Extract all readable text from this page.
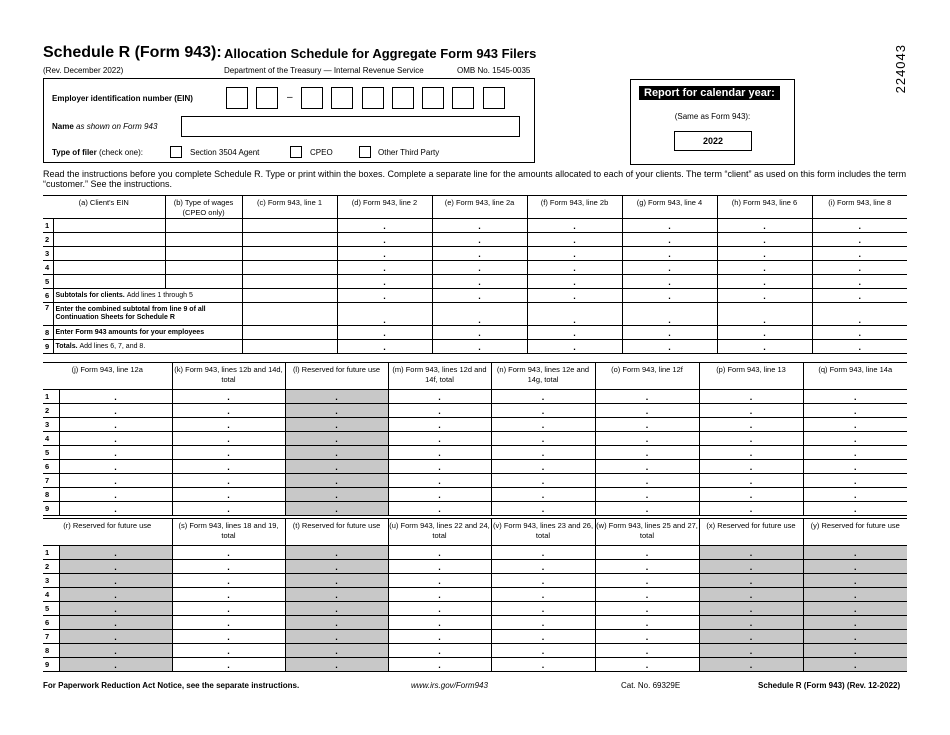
Schedule R (Form 943): Allocation Schedule for Aggregate Form 943 Filers
(Rev. December 2022)	Department of the Treasury — Internal Revenue Service	OMB No. 1545-0035	224043
Employer identification number (EIN)	–
Name as shown on Form 943
Type of filer (check one):	Section 3504 Agent	CPEO	Other Third Party
Report for calendar year:
(Same as Form 943):
2022
Read the instructions before you complete Schedule R. Type or print within the boxes. Complete a separate line for the amounts allocated to each of your clients. The term “client” as used on this form includes the term “customer.” See the instructions.
(a) Client's EIN		(b) Type of wages (CPEO only)	(c) Form 943, line 1	(d) Form 943, line 2	(e) Form 943, line 2a	(f) Form 943, line 2b	(g) Form 943, line 4	(h) Form 943, line 6	(i) Form 943, line 8
1				.	.	.	.	.	.
2				.	.	.	.	.	.
3				.	.	.	.	.	.
4				.	.	.	.	.	.
5				.	.	.	.	.	.
6	Subtotals for clients. Add lines 1 through 5			.	.	.	.	.	.
7	Enter the combined subtotal from line 9 of all Continuation Sheets for Schedule R			.	.	.	.	.	.
8	Enter Form 943 amounts for your employees			.	.	.	.	.	.
9	Totals. Add lines 6, 7, and 8.			.	.	.	.	.	.
(j) Form 943, line 12a		(k) Form 943, lines 12b and 14d, total	(l) Reserved for future use	(m) Form 943, lines 12d and 14f, total	(n) Form 943, lines 12e and 14g, total	(o) Form 943, line 12f	(p) Form 943, line 13	(q) Form 943, line 14a
1	.	.	.	.	.	.	.	.
2	.	.	.	.	.	.	.	.
3	.	.	.	.	.	.	.	.
4	.	.	.	.	.	.	.	.
5	.	.	.	.	.	.	.	.
6	.	.	.	.	.	.	.	.
7	.	.	.	.	.	.	.	.
8	.	.	.	.	.	.	.	.
9	.	.	.	.	.	.	.	.
(r) Reserved for future use		(s) Form 943, lines 18 and 19, total	(t) Reserved for future use	(u) Form 943, lines 22 and 24, total	(v) Form 943, lines 23 and 26, total	(w) Form 943, lines 25 and 27, total	(x) Reserved for future use	(y) Reserved for future use
1	.	.	.	.	.	.	.	.
2	.	.	.	.	.	.	.	.
3	.	.	.	.	.	.	.	.
4	.	.	.	.	.	.	.	.
5	.	.	.	.	.	.	.	.
6	.	.	.	.	.	.	.	.
7	.	.	.	.	.	.	.	.
8	.	.	.	.	.	.	.	.
9	.	.	.	.	.	.	.	.
For Paperwork Reduction Act Notice, see the separate instructions.	www.irs.gov/Form943	Cat. No. 69329E	Schedule R (Form 943) (Rev. 12-2022)
